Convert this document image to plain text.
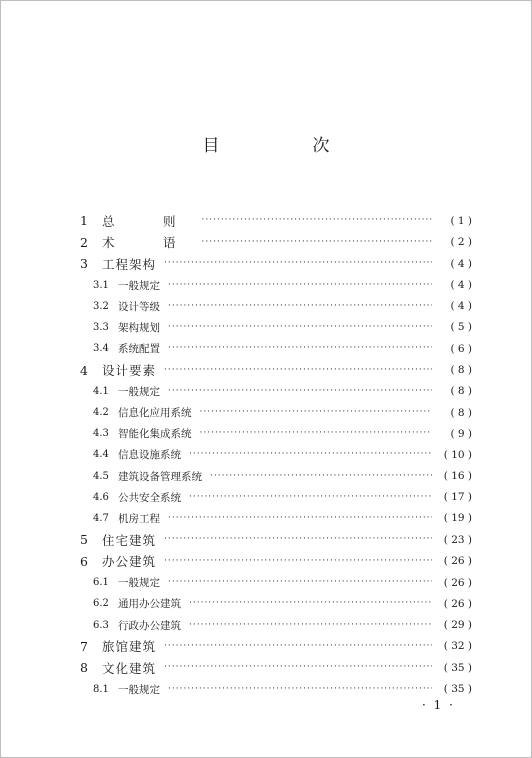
目　次
1	总　则 ·····	( 1 )
2	术　语 ·····	( 2 )
3	工程架构 ·····	( 4 )
3.1 一般规定 ·····	( 4 )
3.2 设计等级 ·····	( 4 )
3.3 架构规划 ·····	( 5 )
3.4 系统配置 ·····	( 6 )
4	设计要素 ·····	( 8 )
4.1 一般规定 ·····	( 8 )
4.2 信息化应用系统 ·····	( 8 )
4.3 智能化集成系统 ·····	( 9 )
4.4 信息设施系统 ·····	( 10 )
4.5 建筑设备管理系统 ·····	( 16 )
4.6 公共安全系统 ·····	( 17 )
4.7 机房工程 ·····	( 19 )
5	住宅建筑 ·····	( 23 )
6	办公建筑 ·····	( 26 )
6.1 一般规定 ·····	( 26 )
6.2 通用办公建筑 ·····	( 26 )
6.3 行政办公建筑 ·····	( 29 )
7	旅馆建筑 ·····	( 32 )
8	文化建筑 ·····	( 35 )
8.1 一般规定 ·····	( 35 )
· 1 ·
